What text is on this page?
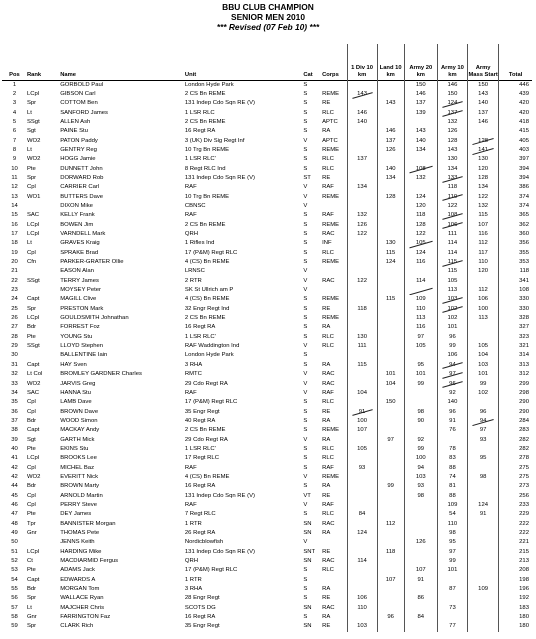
BBU CLUB CHAMPION
SENIOR MEN 2010
*** Revised (07 Feb 10) ***
Pos	Rank	Name	Unit	Cat	Corps	1 Div 10 km	Land 10 km	Army 20 km	Army 10 km	Army Mass Start	Total
1		GORBOLD Paul	London Hyde Park	S				150	146	150	446
2	LCpl	GIBSON Carl	2 CS Bn REME	S	REME	143		146	150	143	439
3	Spr	COTTOM Ben	131 Indep Cdo Sqn RE (V)	S	RE		143	137	124	140	420
4	Lt	SANFORD James	1 LSR RLC	S	RLC	146		139	137	137	420
5	SSgt	ALLEN Ash	2 CS Bn REME	S	APTC	140			132	146	418
6	Sgt	PAINE Stu	16 Regt RA	S	RA		146	143	126		415
7	WO2	PATON Paddy	3 (UK) Div Sig Regt Inf	V	APTC		137	140	128	128	405
8	Lt	GENTRY Reg	10 Trg Bn REME	S	REME		126	134	143	141	403
9	WO2	HOGG Jamie	1 LSR RLC'	S	RLC	137			130	130	397
10	Pte	DUNNETT John	8 Regt RLC Ind	S	RLC		140	108	134	120	394
11	Spr	DORWARD Rob	131 Indep Cdo Sqn RE (V)	ST	RE		134	132	133	128	394
12	Cpl	CARRIER Carl	RAF	V	RAF	134			118	134	386
13	WO1	BUTTERS Dave	10 Trg Bn REME	V	REME		128	124	110	122	374
14		DIXON Mike	CBNSC	V				120	122	132	374
15	SAC	KELLY Frank	RAF	S	RAF	132		118	108	115	365
16	LCpl	BOWEN Jim	2 CS Bn REME	S	REME	126		128	106	107	362
17	LCpl	VARNDELL Mark	QRH	S	RAC	122		122	111	116	360
18	Lt	GRAVES Kraig	1 Rifles Ind	S	INF		130	105	114	112	356
19	Cpl	SPRAKE Brad	17 (P&M) Regt RLC	S	RLC		115	124	114	117	355
20	Cfn	PARKER-GRATER Ollie	4 (CS) Bn REME	S	REME		124	116	115	110	353
21		EASON Alan	LRNSC	V					115	120	118
22	SSgt	TERRY James	2 RTR	V	RAC	122		114	105		341
23		MOYSEY Peter	SK St Ullrich am P	V					113	112	108
24	Capt	MAGILL Clive	4 (CS) Bn REME	S	REME		115	109	103	106	330
25	Spr	PRESTON Mark	32 Engr Regt Ind	S	RE	118		110	102	100	330
26	LCpl	GOULDSMITH Johnathan	2 CS Bn REME	S	REME			113	102	113	328
27	Bdr	FORREST Foz	16 Regt RA	S	RA			116	101		327
28	Pte	YOUNG Stu	1 LSR RLC'	S	RLC	130		97	96		323
29	SSgt	LLOYD Stephen	RAF Waddington Ind	V	RLC	111		105	99	105	321
30		BALLENTINE Iain	London Hyde Park	S					106	104	314
31	Capt	HAY Sven	3 RHA	S	RA	115		95	94	103	313
32	Lt Col	BROMLEY GARDNER Charles	RMTC	V	RAC		101	101	97	101	312
33	WO2	JARVIS Greg	29 Cdo Regt RA	V	RAC		104	99	96	99	299
34	SAC	HANNA Stu	RAF	V	RAF	104			92	102	298
35	Cpl	LAMB Dave	17 (P&M) Regt RLC	S	RLC		150		140		290
36	Cpl	BROWN Dave	35 Engr Regt	S	RE	91		98	96	96	290
37	Bdr	WOOD Simon	40 Regt RA	S	RA	100		90	91	94	284
38	Capt	MACKAY Andy	2 CS Bn REME	S	REME	107			76	97	283
39	Sgt	GARTH Mick	29 Cdo Regt RA	V	RA		97	92		93	282
40	Pte	EKINS Stu	1 LSR RLC'	S	RLC	105		99	78		282
41	LCpl	BROOKS Lee	17 Regt RLC	S	RLC			100	83	95	278
42	Cpl	MICHEL Baz	RAF	S	RAF	93		94	88		275
42	WO2	EVERITT Nick	4 (CS) Bn REME	V	REME			103	74	98	275
44	Bdr	BROWN Marty	16 Regt RA	S	RA		99	93	81		273
45	Cpl	ARNOLD Martin	131 Indep Cdo Sqn RE (V)	VT	RE			98	88		256
46	Cpl	PERRY Steve	RAF	V	RAF				109	124	233
47	Pte	DEY James	7 Regt RLC	S	RLC	84			54	91	229
48	Tpr	BANNISTER Morgan	1 RTR	SN	RAC		112		110		222
49	Gnr	THOMAS Pete	26 Regt RA	SN	RA	124			98		222
50		JENNS Keith	Nordicblowfish	V				126	95		221
51	LCpl	HARDING Mike	131 Indep Cdo Sqn RE (V)	SNT	RE		118		97		215
52	Ct	MACDIARMID Fergus	QRH	SN	RAC	114			99		213
53	Pte	ADAMS Jack	17 (P&M) Regt RLC	S	RLC			107	101		208
54	Capt	EDWARDS A	1 RTR	S			107	91			198
55	Bdr	MORGAN Tom	3 RHA	S	RA				87	109	196
56	Spr	WALLACE Ryan	28 Engr Regt	S	RE	106		86			192
57	Lt	MAJCHER Chris	SCOTS DG	SN	RAC	110			73		183
58	Gnr	FARRINGTON Faz	16 Regt RA	S	RA		96	84			180
59	Spr	CLARK Rich	35 Engr Regt	SN	RE	103			77		180
